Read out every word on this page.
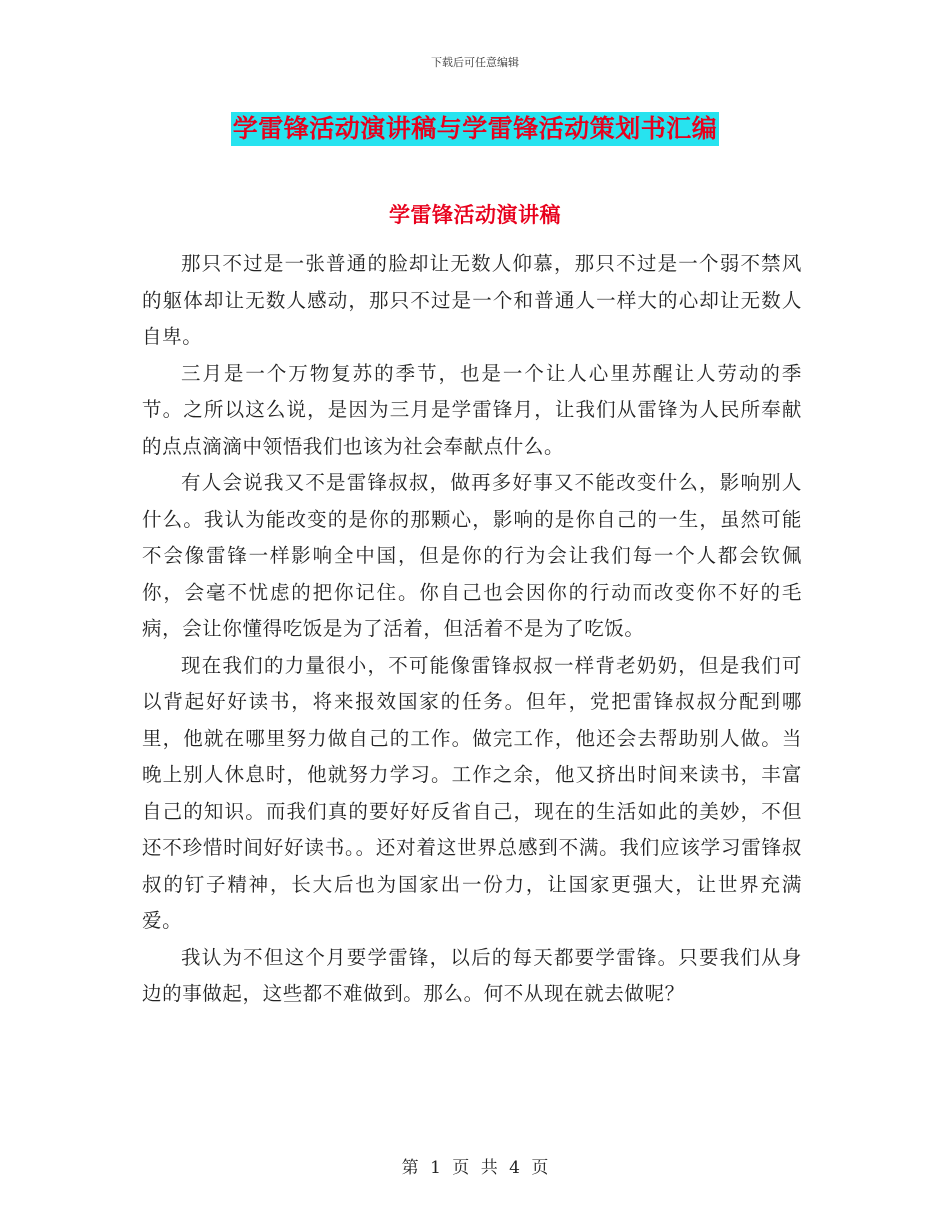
下载后可任意编辑
学雷锋活动演讲稿与学雷锋活动策划书汇编
学雷锋活动演讲稿

那只不过是一张普通的脸却让无数人仰慕，那只不过是一个弱不禁风的躯体却让无数人感动，那只不过是一个和普通人一样大的心却让无数人自卑。

三月是一个万物复苏的季节，也是一个让人心里苏醒让人劳动的季节。之所以这么说，是因为三月是学雷锋月，让我们从雷锋为人民所奉献的点点滴滴中领悟我们也该为社会奉献点什么。

有人会说我又不是雷锋叔叔，做再多好事又不能改变什么，影响别人什么。我认为能改变的是你的那颗心，影响的是你自己的一生，虽然可能不会像雷锋一样影响全中国，但是你的行为会让我们每一个人都会钦佩你，会毫不忧虑的把你记住。你自己也会因你的行动而改变你不好的毛病，会让你懂得吃饭是为了活着，但活着不是为了吃饭。

现在我们的力量很小，不可能像雷锋叔叔一样背老奶奶，但是我们可以背起好好读书，将来报效国家的任务。但年，党把雷锋叔叔分配到哪里，他就在哪里努力做自己的工作。做完工作，他还会去帮助别人做。当晚上别人休息时，他就努力学习。工作之余，他又挤出时间来读书，丰富自己的知识。而我们真的要好好反省自己，现在的生活如此的美妙，不但还不珍惜时间好好读书。。还对着这世界总感到不满。我们应该学习雷锋叔叔的钉子精神，长大后也为国家出一份力，让国家更强大，让世界充满爱。

我认为不但这个月要学雷锋，以后的每天都要学雷锋。只要我们从身边的事做起，这些都不难做到。那么。何不从现在就去做呢？

第 1 页 共 4 页
